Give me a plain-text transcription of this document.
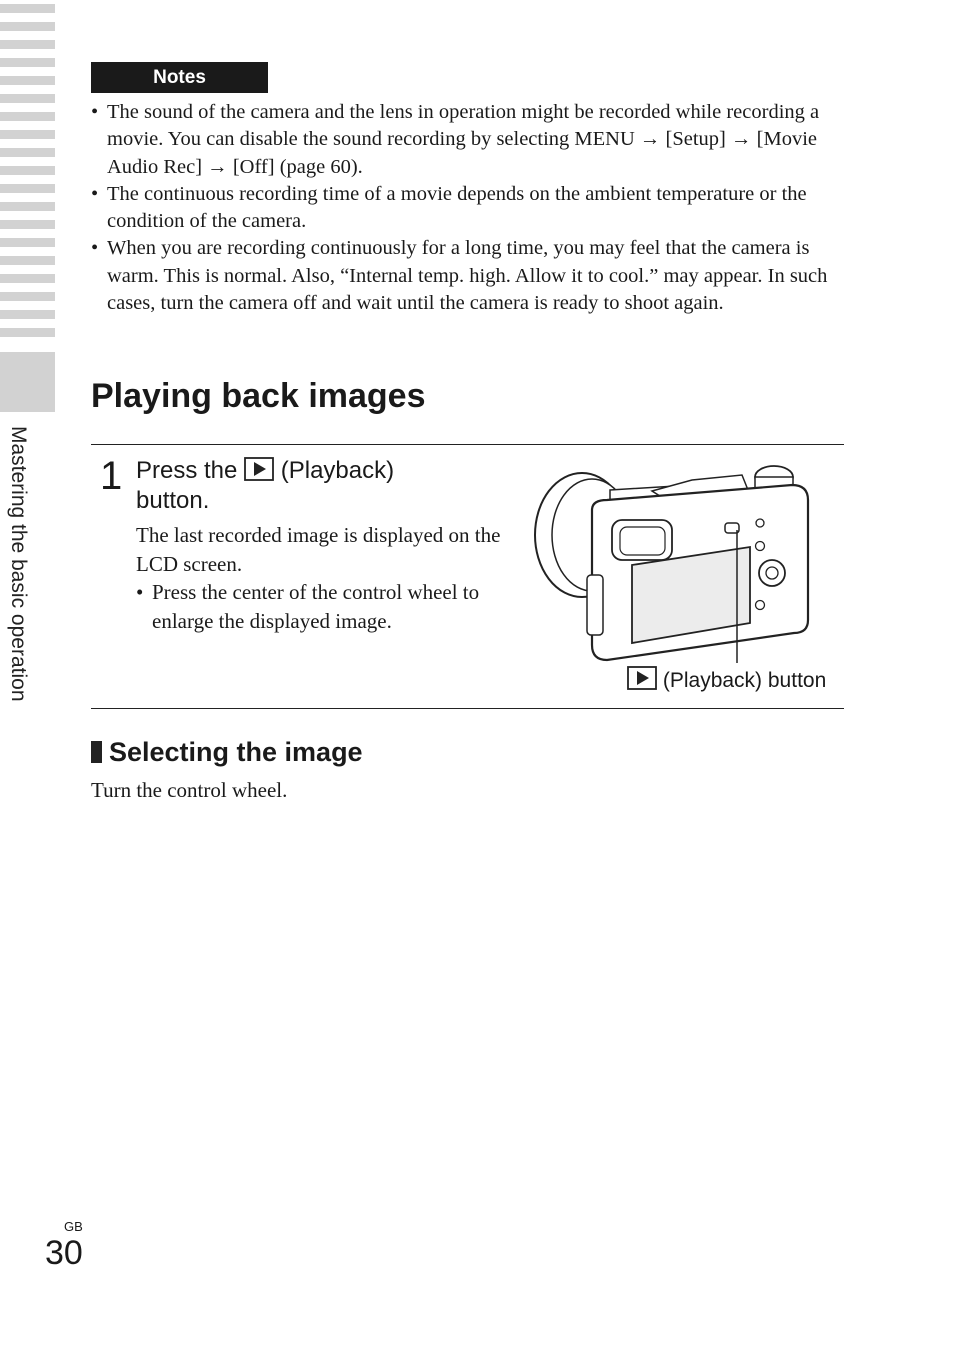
Mastering the basic operation
Notes
• The sound of the camera and the lens in operation might be recorded while recording a movie. You can disable the sound recording by selecting MENU → [Setup] → [Movie Audio Rec] → [Off] (page 60).
• The continuous recording time of a movie depends on the ambient temperature or the condition of the camera.
• When you are recording continuously for a long time, you may feel that the camera is warm. This is normal. Also, “Internal temp. high. Allow it to cool.” may appear. In such cases, turn the camera off and wait until the camera is ready to shoot again.
Playing back images
1 Press the (Playback) button.
The last recorded image is displayed on the LCD screen.
• Press the center of the control wheel to enlarge the displayed image.
(Playback) button
Selecting the image
Turn the control wheel.
GB
30
